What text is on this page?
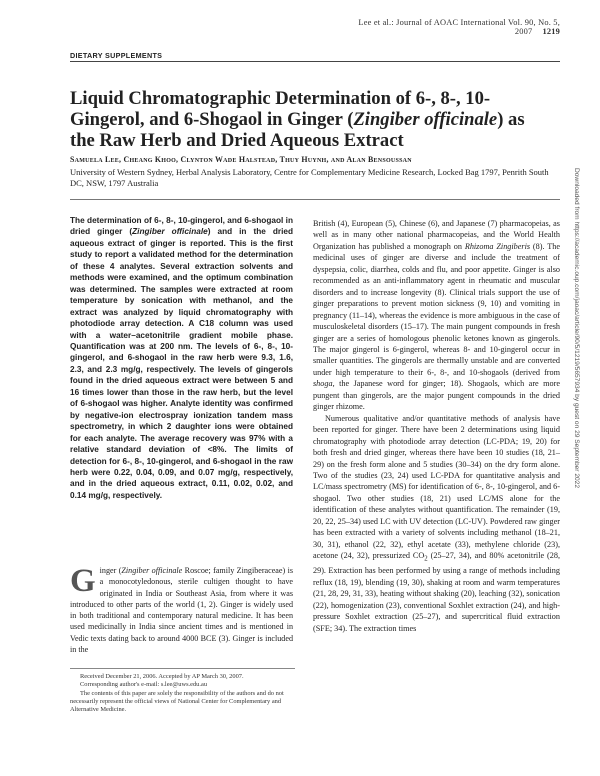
Lee et al.: Journal of AOAC International Vol. 90, No. 5, 2007 1219
DIETARY SUPPLEMENTS
Liquid Chromatographic Determination of 6-, 8-, 10-Gingerol, and 6-Shogaol in Ginger (Zingiber officinale) as the Raw Herb and Dried Aqueous Extract
Samuela Lee, Cheang Khoo, Clynton Wade Halstead, Thuy Huynh, and Alan Bensoussan
University of Western Sydney, Herbal Analysis Laboratory, Centre for Complementary Medicine Research, Locked Bag 1797, Penrith South DC, NSW, 1797 Australia

The determination of 6-, 8-, 10-gingerol, and 6-shogaol in dried ginger (Zingiber officinale) and in the dried aqueous extract of ginger is reported. This is the first study to report a validated method for the determination of these 4 analytes. Several extraction solvents and methods were examined, and the optimum combination was determined. The samples were extracted at room temperature by sonication with methanol, and the extract was analyzed by liquid chromatography with photodiode array detection. A C18 column was used with a water–acetonitrile gradient mobile phase. Quantification was at 200 nm. The levels of 6-, 8-, 10-gingerol, and 6-shogaol in the raw herb were 9.3, 1.6, 2.3, and 2.3 mg/g, respectively. The levels of gingerols found in the dried aqueous extract were between 5 and 16 times lower than those in the raw herb, but the level of 6-shogaol was higher. Analyte identity was confirmed by negative-ion electrospray ionization tandem mass spectrometry, in which 2 daughter ions were obtained for each analyte. The average recovery was 97% with a relative standard deviation of <8%. The limits of detection for 6-, 8-, 10-gingerol, and 6-shogaol in the raw herb were 0.22, 0.04, 0.09, and 0.07 mg/g, respectively, and in the dried aqueous extract, 0.11, 0.02, 0.02, and 0.14 mg/g, respectively.

Ginger (Zingiber officinale Roscoe; family Zingiberaceae) is a monocotyledonous, sterile cultigen thought to have originated in India or Southeast Asia, from where it was introduced to other parts of the world (1, 2). Ginger is widely used in both traditional and contemporary natural medicine. It has been used medicinally in India since ancient times and is mentioned in Vedic texts dating back to around 4000 BCE (3). Ginger is included in the

Received December 21, 2006. Accepted by AP March 30, 2007.

Corresponding author's e-mail: s.lee@uws.edu.au

The contents of this paper are solely the responsibility of the authors and do not necessarily represent the official views of National Center for Complementary and Alternative Medicine.

British (4), European (5), Chinese (6), and Japanese (7) pharmacopeias, as well as in many other national pharmacopeias, and the World Health Organization has published a monograph on Rhizoma Zingiberis (8). The medicinal uses of ginger are diverse and include the treatment of dyspepsia, colic, diarrhea, colds and flu, and poor appetite. Ginger is also recommended as an anti-inflammatory agent in rheumatic and muscular disorders and to increase longevity (8). Clinical trials support the use of ginger preparations to prevent motion sickness (9, 10) and vomiting in pregnancy (11–14), whereas the evidence is more ambiguous in the case of musculoskeletal disorders (15–17). The main pungent compounds in fresh ginger are a series of homologous phenolic ketones known as gingerols. The major gingerol is 6-gingerol, whereas 8- and 10-gingerol occur in smaller quantities. The gingerols are thermally unstable and are converted under high temperature to their 6-, 8-, and 10-shogaols (derived from shoga, the Japanese word for ginger; 18). Shogaols, which are more pungent than gingerols, are the major pungent compounds in the dried ginger rhizome.

Numerous qualitative and/or quantitative methods of analysis have been reported for ginger. There have been 2 determinations using liquid chromatography with photodiode array detection (LC-PDA; 19, 20) for both fresh and dried ginger, whereas there have been 10 studies (18, 21–29) on the fresh form alone and 5 studies (30–34) on the dry form alone. Two of the studies (23, 24) used LC-PDA for quantitative analysis and LC/mass spectrometry (MS) for identification of 6-, 8-, 10-gingerol, and 6-shogaol. Two other studies (18, 21) used LC/MS alone for the identification of these analytes without quantification. The remainder (19, 20, 22, 25–34) used LC with UV detection (LC-UV). Powdered raw ginger has been extracted with a variety of solvents including methanol (18–21, 30, 31), ethanol (22, 32), ethyl acetate (33), methylene chloride (23), acetone (24, 32), pressurized $CO_2$ (25–27, 34), and 80% acetonitrile (28, 29). Extraction has been performed by using a range of methods including reflux (18, 19), blending (19, 30), shaking at room and warm temperatures (21, 28, 29, 31, 33), heating without shaking (20), leaching (32), sonication (22), homogenization (23), conventional Soxhlet extraction (24), and high-pressure Soxhlet extraction (25–27), and supercritical fluid extraction (SFE; 34). The extraction times

Downloaded from https://academic.oup.com/jaoac/article/90/5/1219/5657934 by guest on 29 September 2022
